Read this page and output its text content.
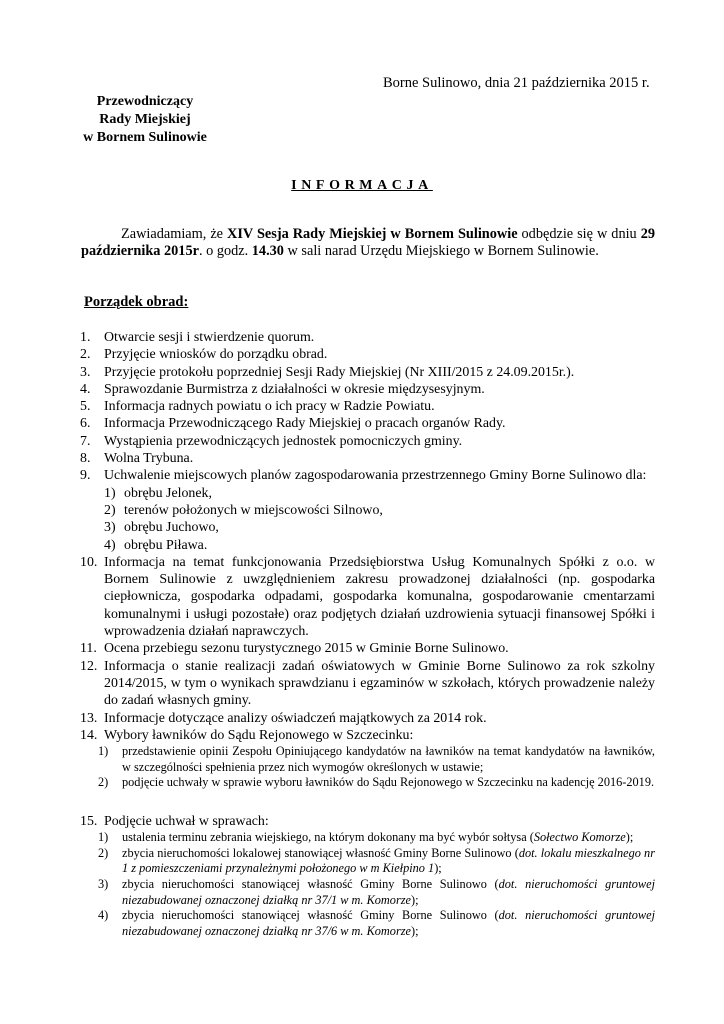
Borne Sulinowo, dnia 21 października 2015 r.
Przewodniczący
Rady Miejskiej
w Bornem Sulinowie
INFORMACJA
Zawiadamiam, że XIV Sesja Rady Miejskiej w Bornem Sulinowie odbędzie się w dniu 29 października 2015r. o godz. 14.30 w sali narad Urzędu Miejskiego w Bornem Sulinowie.
Porządek obrad:
1. Otwarcie sesji i stwierdzenie quorum.
2. Przyjęcie wniosków do porządku obrad.
3. Przyjęcie protokołu poprzedniej Sesji Rady Miejskiej (Nr XIII/2015 z 24.09.2015r.).
4. Sprawozdanie Burmistrza z działalności w okresie międzysesyjnym.
5. Informacja radnych powiatu o ich pracy w Radzie Powiatu.
6. Informacja Przewodniczącego Rady Miejskiej o pracach organów Rady.
7. Wystąpienia przewodniczących jednostek pomocniczych gminy.
8. Wolna Trybuna.
9. Uchwalenie miejscowych planów zagospodarowania przestrzennego Gminy Borne Sulinowo dla:
1) obrębu Jelonek,
2) terenów położonych w miejscowości Silnowo,
3) obrębu Juchowo,
4) obrębu Piława.
10. Informacja na temat funkcjonowania Przedsiębiorstwa Usług Komunalnych Spółki z o.o. w Bornem Sulinowie z uwzględnieniem zakresu prowadzonej działalności (np. gospodarka ciepłownicza, gospodarka odpadami, gospodarka komunalna, gospodarowanie cmentarzami komunalnymi i usługi pozostałe) oraz podjętych działań uzdrowienia sytuacji finansowej Spółki i wprowadzenia działań naprawczych.
11. Ocena przebiegu sezonu turystycznego 2015 w Gminie Borne Sulinowo.
12. Informacja o stanie realizacji zadań oświatowych w Gminie Borne Sulinowo za rok szkolny 2014/2015, w tym o wynikach sprawdzianu i egzaminów w szkołach, których prowadzenie należy do zadań własnych gminy.
13. Informacje dotyczące analizy oświadczeń majątkowych za 2014 rok.
14. Wybory ławników do Sądu Rejonowego w Szczecinku:
1) przedstawienie opinii Zespołu Opiniującego kandydatów na ławników na temat kandydatów na ławników, w szczególności spełnienia przez nich wymogów określonych w ustawie;
2) podjęcie uchwały w sprawie wyboru ławników do Sądu Rejonowego w Szczecinku na kadencję 2016-2019.
15. Podjęcie uchwał w sprawach:
1) ustalenia terminu zebrania wiejskiego, na którym dokonany ma być wybór sołtysa (Sołectwo Komorze);
2) zbycia nieruchomości lokalowej stanowiącej własność Gminy Borne Sulinowo (dot. lokalu mieszkalnego nr 1 z pomieszczeniami przynależnymi położonego w m Kiełpino 1);
3) zbycia nieruchomości stanowiącej własność Gminy Borne Sulinowo (dot. nieruchomości gruntowej niezabudowanej oznaczonej działką nr 37/1 w m. Komorze);
4) zbycia nieruchomości stanowiącej własność Gminy Borne Sulinowo (dot. nieruchomości gruntowej niezabudowanej oznaczonej działką nr 37/6 w m. Komorze);
